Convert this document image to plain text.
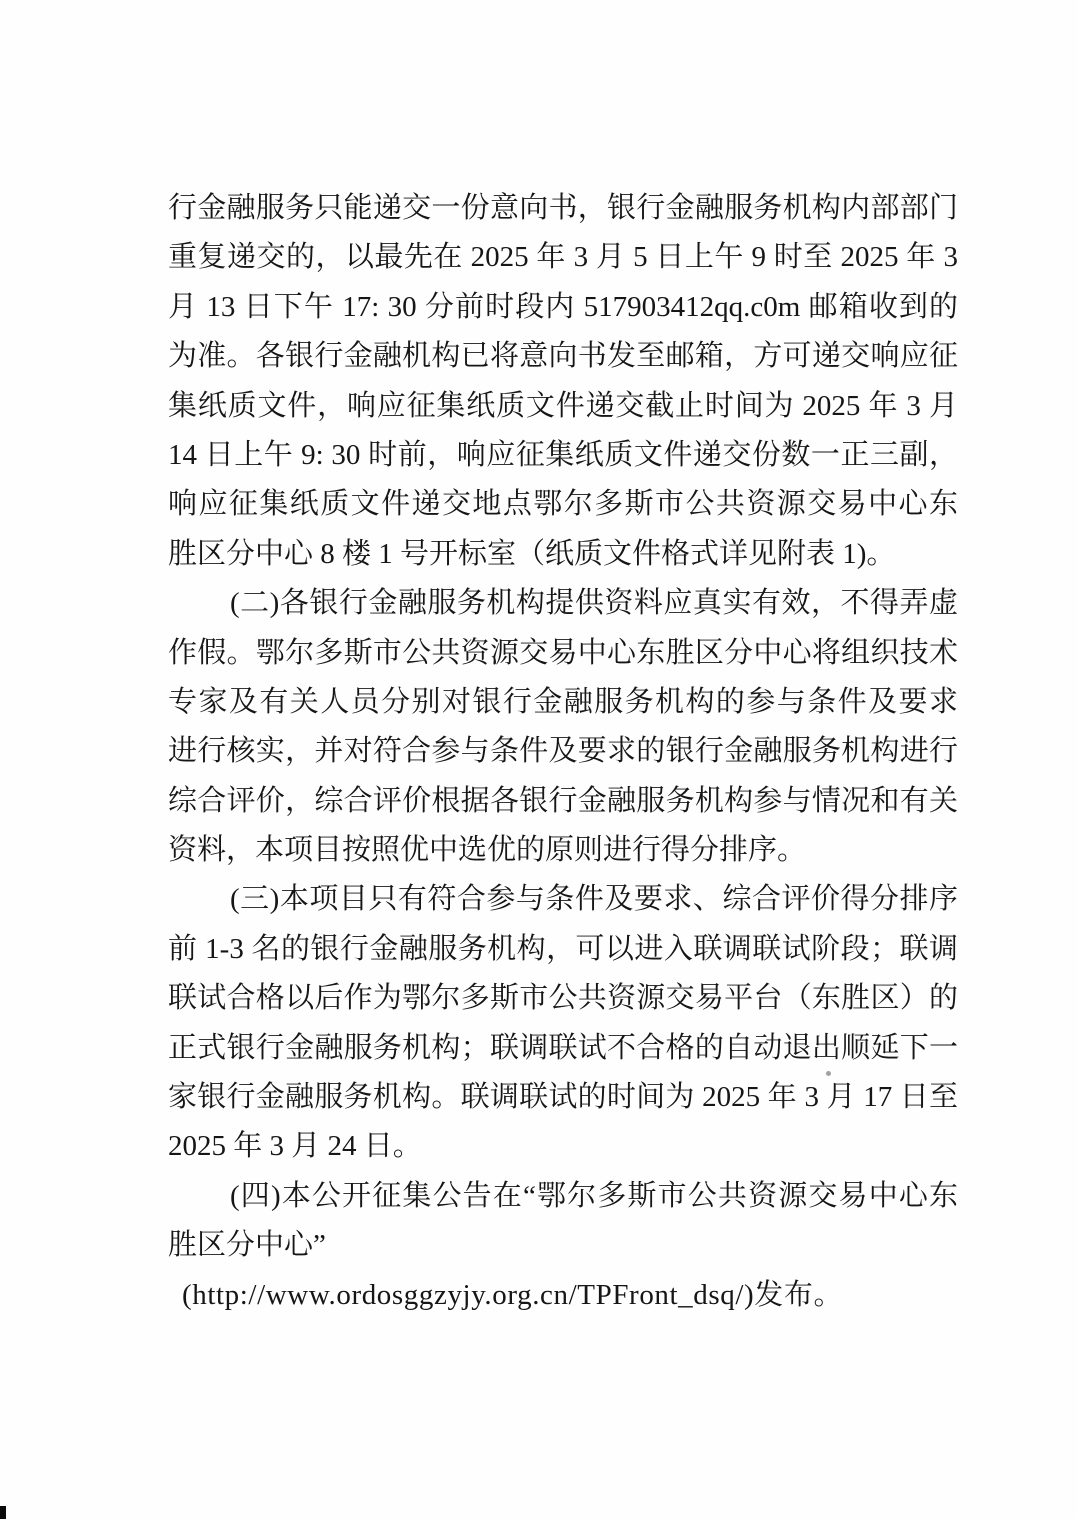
行金融服务只能递交一份意向书，银行金融服务机构内部部门
重复递交的，以最先在 2025 年 3 月 5 日上午 9 时至 2025 年 3
月 13 日下午 17: 30 分前时段内 517903412qq.c0m 邮箱收到的
为准。各银行金融机构已将意向书发至邮箱，方可递交响应征
集纸质文件，响应征集纸质文件递交截止时间为 2025 年 3 月
14 日上午 9: 30 时前，响应征集纸质文件递交份数一正三副，
响应征集纸质文件递交地点鄂尔多斯市公共资源交易中心东
胜区分中心 8 楼 1 号开标室（纸质文件格式详见附表 1)。
(二)各银行金融服务机构提供资料应真实有效，不得弄虚
作假。鄂尔多斯市公共资源交易中心东胜区分中心将组织技术
专家及有关人员分别对银行金融服务机构的参与条件及要求
进行核实，并对符合参与条件及要求的银行金融服务机构进行
综合评价，综合评价根据各银行金融服务机构参与情况和有关
资料，本项目按照优中选优的原则进行得分排序。
(三)本项目只有符合参与条件及要求、综合评价得分排序
前 1-3 名的银行金融服务机构，可以进入联调联试阶段；联调
联试合格以后作为鄂尔多斯市公共资源交易平台（东胜区）的
正式银行金融服务机构；联调联试不合格的自动退出顺延下一
家银行金融服务机构。联调联试的时间为 2025 年 3 月 17 日至
2025 年 3 月 24 日。
(四)本公开征集公告在“鄂尔多斯市公共资源交易中心东
胜区分中心”
(http://www.ordosggzyjy.org.cn/TPFront_dsq/)发布。
